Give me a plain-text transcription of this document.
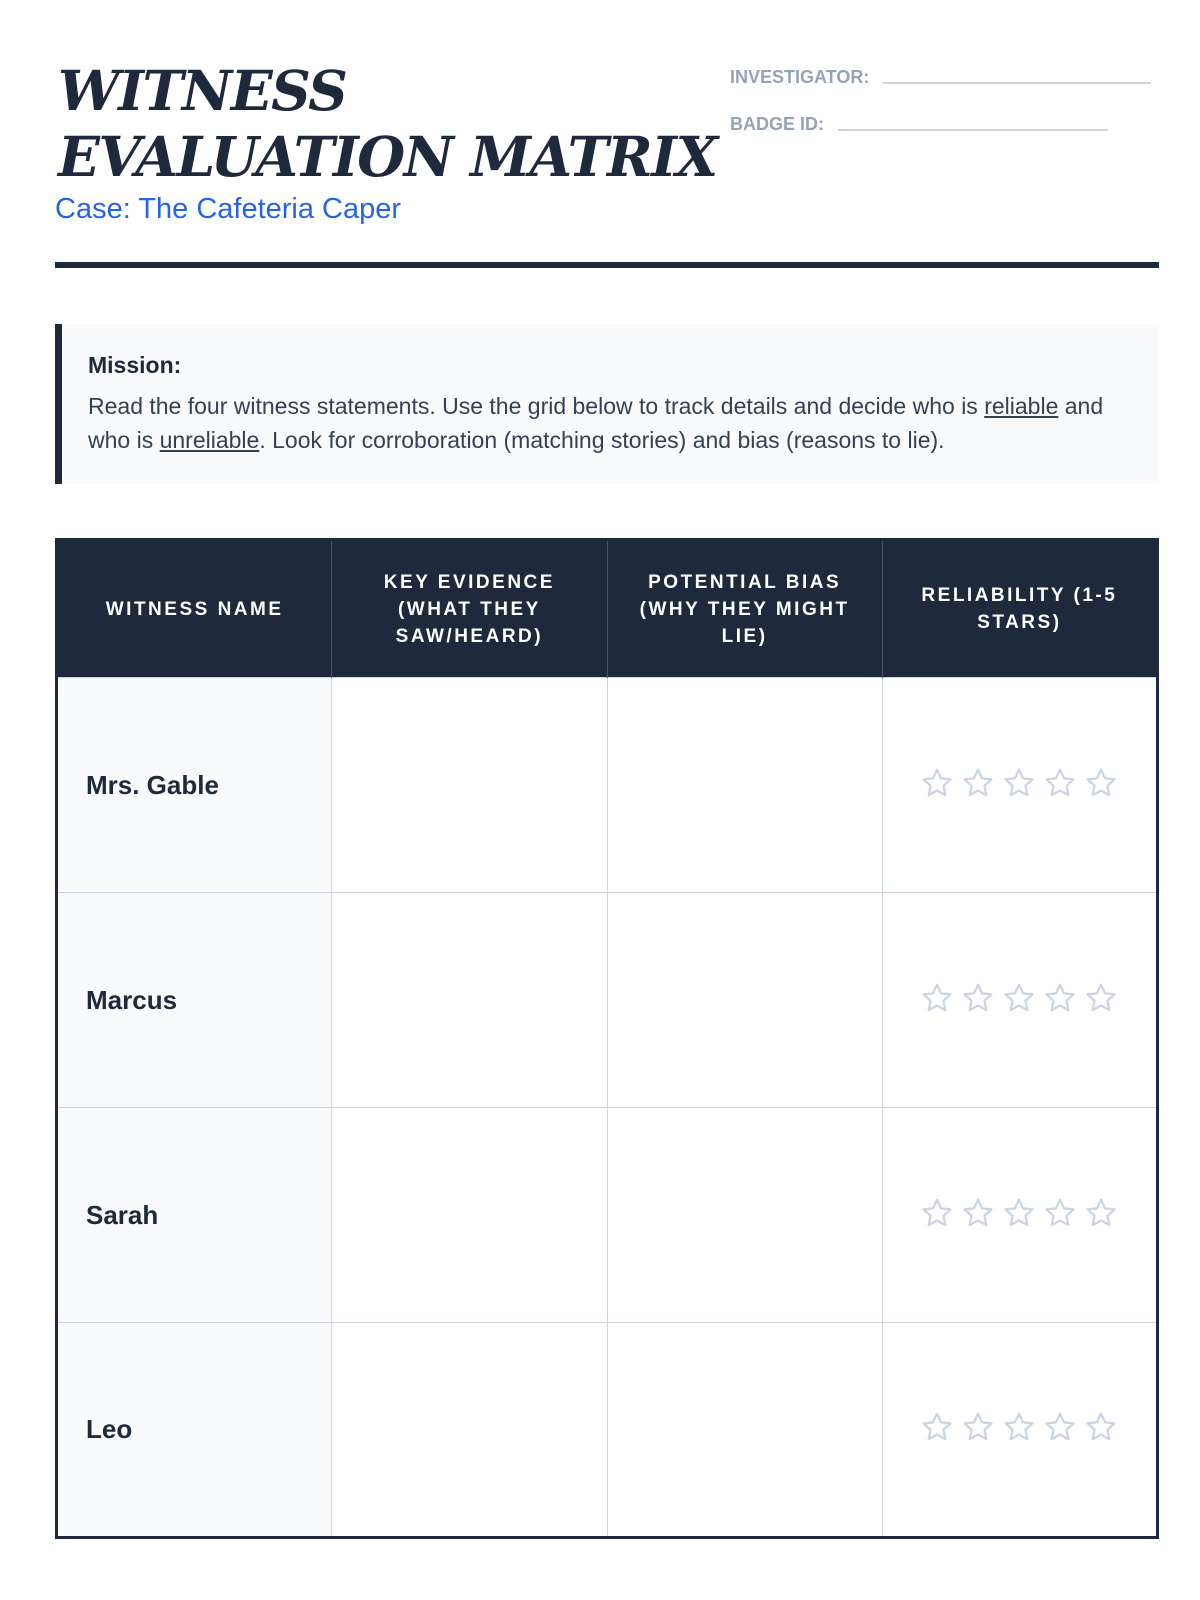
WITNESS EVALUATION MATRIX
Case: The Cafeteria Caper
INVESTIGATOR:
BADGE ID:

Mission:

Read the four witness statements. Use the grid below to track details and decide who is reliable and who is unreliable. Look for corroboration (matching stories) and bias (reasons to lie).

WITNESS NAME	KEY EVIDENCE (WHAT THEY SAW/HEARD)	POTENTIAL BIAS (WHY THEY MIGHT LIE)	RELIABILITY (1-5 STARS)
Mrs. Gable			

Marcus			

Sarah			

Leo			
